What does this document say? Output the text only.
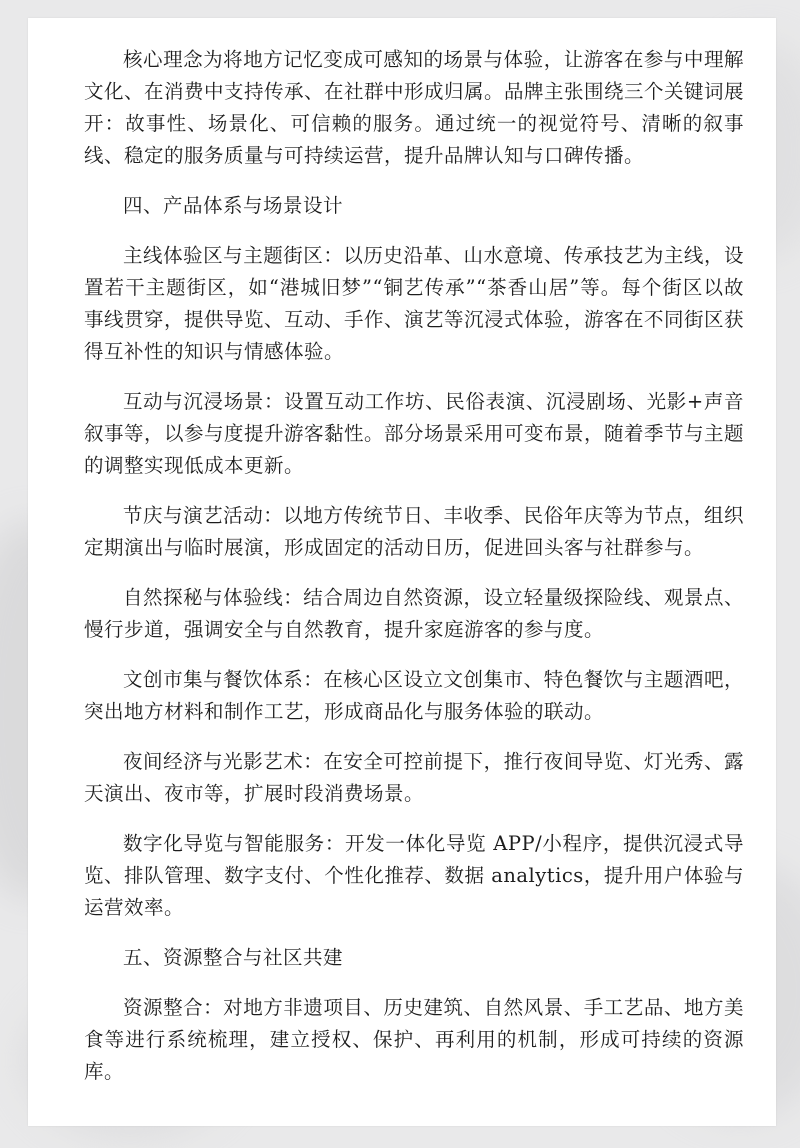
核心理念为将地方记忆变成可感知的场景与体验，让游客在参与中理解文化、在消费中支持传承、在社群中形成归属。品牌主张围绕三个关键词展开：故事性、场景化、可信赖的服务。通过统一的视觉符号、清晰的叙事线、稳定的服务质量与可持续运营，提升品牌认知与口碑传播。

四、产品体系与场景设计

主线体验区与主题街区：以历史沿革、山水意境、传承技艺为主线，设置若干主题街区，如“港城旧梦”“铜艺传承”“茶香山居”等。每个街区以故事线贯穿，提供导览、互动、手作、演艺等沉浸式体验，游客在不同街区获得互补性的知识与情感体验。

互动与沉浸场景：设置互动工作坊、民俗表演、沉浸剧场、光影+声音叙事等，以参与度提升游客黏性。部分场景采用可变布景，随着季节与主题的调整实现低成本更新。

节庆与演艺活动：以地方传统节日、丰收季、民俗年庆等为节点，组织定期演出与临时展演，形成固定的活动日历，促进回头客与社群参与。

自然探秘与体验线：结合周边自然资源，设立轻量级探险线、观景点、慢行步道，强调安全与自然教育，提升家庭游客的参与度。

文创市集与餐饮体系：在核心区设立文创集市、特色餐饮与主题酒吧，突出地方材料和制作工艺，形成商品化与服务体验的联动。

夜间经济与光影艺术：在安全可控前提下，推行夜间导览、灯光秀、露天演出、夜市等，扩展时段消费场景。

数字化导览与智能服务：开发一体化导览 APP/小程序，提供沉浸式导览、排队管理、数字支付、个性化推荐、数据 analytics，提升用户体验与运营效率。

五、资源整合与社区共建

资源整合：对地方非遗项目、历史建筑、自然风景、手工艺品、地方美食等进行系统梳理，建立授权、保护、再利用的机制，形成可持续的资源库。
